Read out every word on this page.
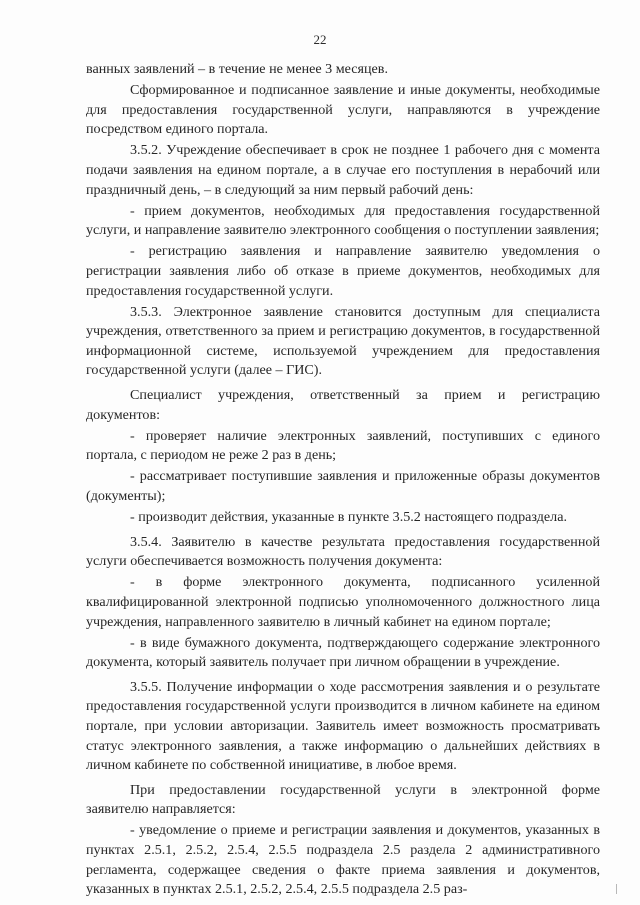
22

ванных заявлений – в течение не менее 3 месяцев.

Сформированное и подписанное заявление и иные документы, необходимые для предоставления государственной услуги, направляются в учреждение посредством единого портала.

3.5.2. Учреждение обеспечивает в срок не позднее 1 рабочего дня с момента подачи заявления на едином портале, а в случае его поступления в нерабочий или праздничный день, – в следующий за ним первый рабочий день:

- прием документов, необходимых для предоставления государственной услуги, и направление заявителю электронного сообщения о поступлении заявления;

- регистрацию заявления и направление заявителю уведомления о регистрации заявления либо об отказе в приеме документов, необходимых для предоставления государственной услуги.

3.5.3. Электронное заявление становится доступным для специалиста учреждения, ответственного за прием и регистрацию документов, в государственной информационной системе, используемой учреждением для предоставления государственной услуги (далее – ГИС).

Специалист учреждения, ответственный за прием и регистрацию документов:

- проверяет наличие электронных заявлений, поступивших с единого портала, с периодом не реже 2 раз в день;

- рассматривает поступившие заявления и приложенные образы документов (документы);

- производит действия, указанные в пункте 3.5.2 настоящего подраздела.

3.5.4. Заявителю в качестве результата предоставления государственной услуги обеспечивается возможность получения документа:

- в форме электронного документа, подписанного усиленной квалифицированной электронной подписью уполномоченного должностного лица учреждения, направленного заявителю в личный кабинет на едином портале;

- в виде бумажного документа, подтверждающего содержание электронного документа, который заявитель получает при личном обращении в учреждение.

3.5.5. Получение информации о ходе рассмотрения заявления и о результате предоставления государственной услуги производится в личном кабинете на едином портале, при условии авторизации. Заявитель имеет возможность просматривать статус электронного заявления, а также информацию о дальнейших действиях в личном кабинете по собственной инициативе, в любое время.

При предоставлении государственной услуги в электронной форме заявителю направляется:

- уведомление о приеме и регистрации заявления и документов, указанных в пунктах 2.5.1, 2.5.2, 2.5.4, 2.5.5 подраздела 2.5 раздела 2 административного регламента, содержащее сведения о факте приема заявления и документов, указанных в пунктах 2.5.1, 2.5.2, 2.5.4, 2.5.5 подраздела 2.5 раз-
